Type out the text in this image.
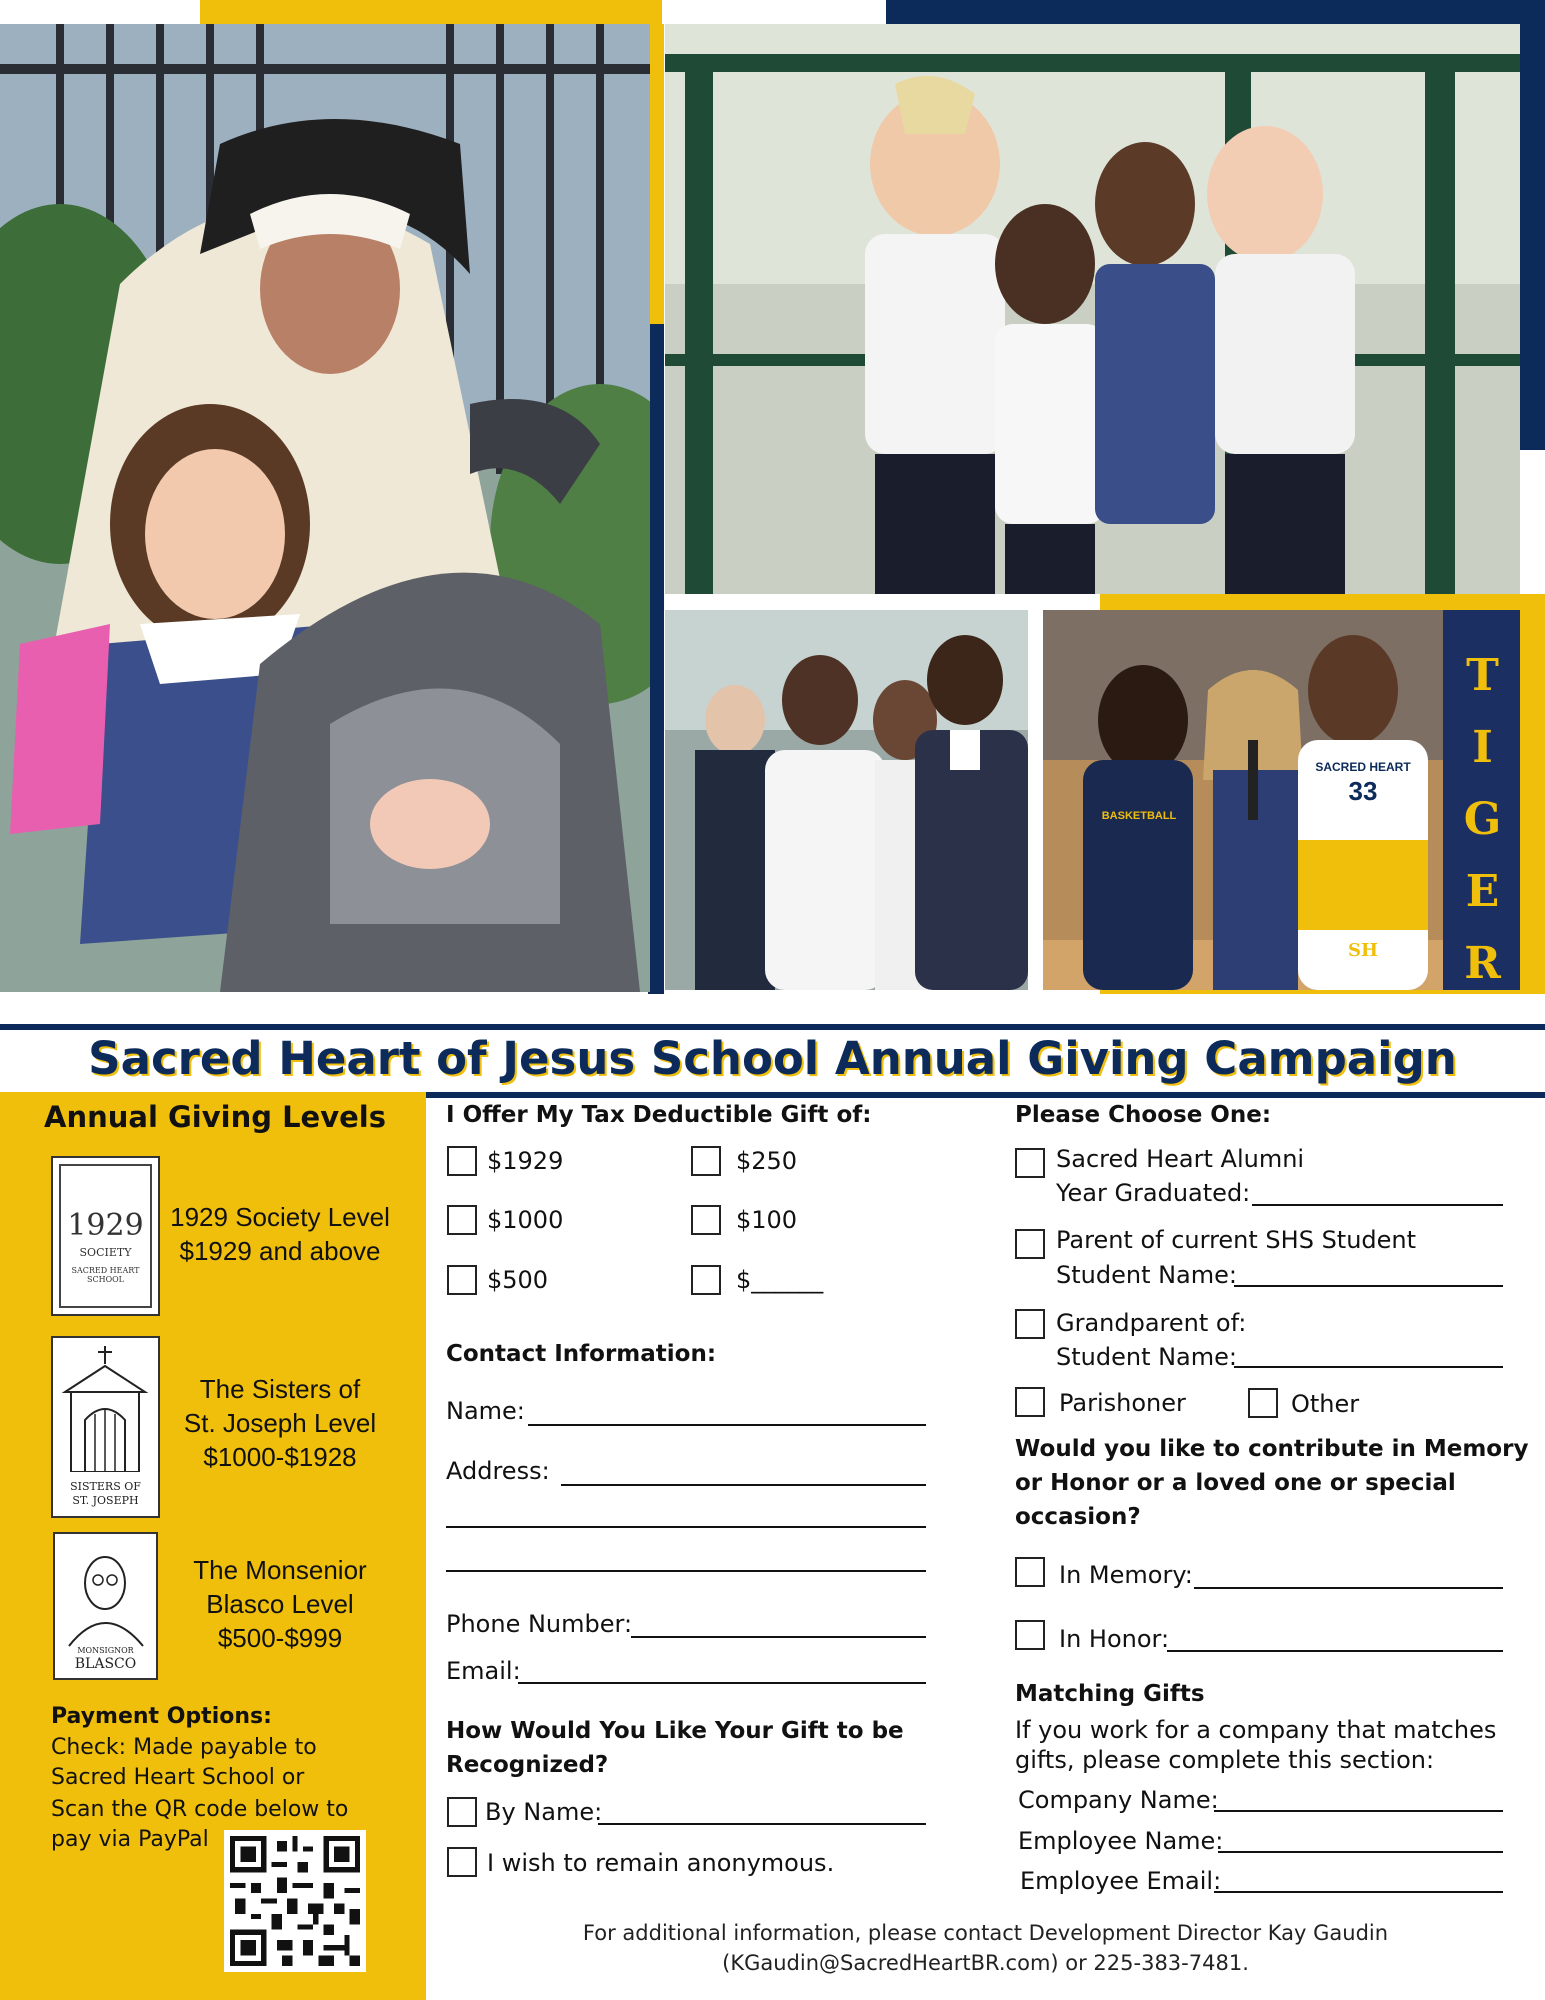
BASKETBALL
SACRED HEART
33
SH
T
I
G
E
R
Sacred Heart of Jesus School Annual Giving Campaign
Annual Giving Levels
1929
SOCIETY
SACRED HEART SCHOOL
1929 Society Level
$1929 and above
SISTERS OF
ST. JOSEPH
The Sisters of
St. Joseph Level
$1000-$1928
MONSIGNOR
BLASCO
The Monsenior
Blasco Level
$500-$999
Payment Options:
Check: Made payable to
Sacred Heart School or
Scan the QR code below to
pay via PayPal
I Offer My Tax Deductible Gift of:
$1929	$250
$1000	$100
$500	$______
Contact Information:
Name:
Address:
Phone Number:
Email:
How Would You Like Your Gift to be
Recognized?
By Name:
I wish to remain anonymous.
Please Choose One:
Sacred Heart Alumni
Year Graduated:
Parent of current SHS Student
Student Name:
Grandparent of:
Student Name:
Parishoner	Other
Would you like to contribute in Memory
or Honor or a loved one or special
occasion?
In Memory:
In Honor:
Matching Gifts
If you work for a company that matches
gifts, please complete this section:
Company Name:
Employee Name:
Employee Email:
For additional information, please contact Development Director Kay Gaudin
(KGaudin@SacredHeartBR.com) or 225-383-7481.
